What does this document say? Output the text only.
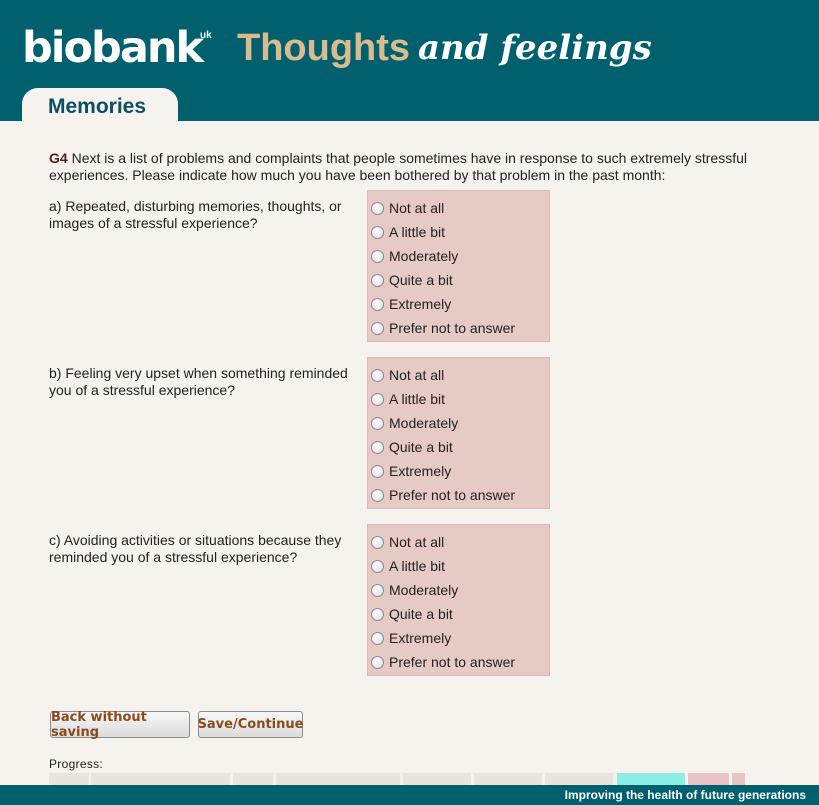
biobank
uk Thoughts and feelings
Memories
G4 Next is a list of problems and complaints that people sometimes have in response to such extremely stressful experiences. Please indicate how much you have been bothered by that problem in the past month:
a) Repeated, disturbing memories, thoughts, or images of a stressful experience?
Not at all
A little bit
Moderately
Quite a bit
Extremely
Prefer not to answer
b) Feeling very upset when something reminded you of a stressful experience?
Not at all
A little bit
Moderately
Quite a bit
Extremely
Prefer not to answer
c) Avoiding activities or situations because they reminded you of a stressful experience?
Not at all
A little bit
Moderately
Quite a bit
Extremely
Prefer not to answer
Back without saving	Save/Continue
Progress:
Improving the health of future generations
